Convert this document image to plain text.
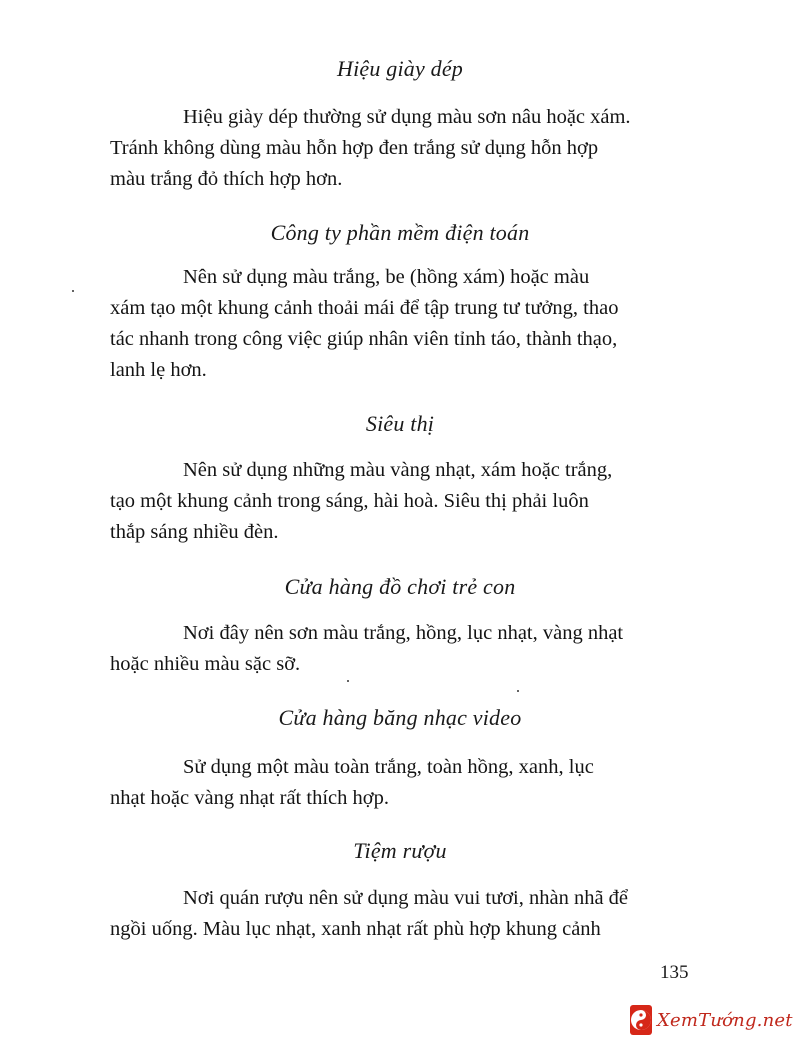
Hiệu giày dép
Hiệu giày dép thường sử dụng màu sơn nâu hoặc xám.
Tránh không dùng màu hỗn hợp đen trắng sử dụng hỗn hợp
màu trắng đỏ thích hợp hơn.
Công ty phần mềm điện toán
Nên sử dụng màu trắng, be (hồng xám) hoặc màu
xám tạo một khung cảnh thoải mái để tập trung tư tưởng, thao
tác nhanh trong công việc giúp nhân viên tỉnh táo, thành thạo,
lanh lẹ hơn.
Siêu thị
Nên sử dụng những màu vàng nhạt, xám hoặc trắng,
tạo một khung cảnh trong sáng, hài hoà. Siêu thị phải luôn
thắp sáng nhiều đèn.
Cửa hàng đồ chơi trẻ con
Nơi đây nên sơn màu trắng, hồng, lục nhạt, vàng nhạt
hoặc nhiều màu sặc sỡ.
Cửa hàng băng nhạc video
Sử dụng một màu toàn trắng, toàn hồng, xanh, lục
nhạt hoặc vàng nhạt rất thích hợp.
Tiệm rượu
Nơi quán rượu nên sử dụng màu vui tươi, nhàn nhã để
ngồi uống. Màu lục nhạt, xanh nhạt rất phù hợp khung cảnh
135
XemTướng.net
